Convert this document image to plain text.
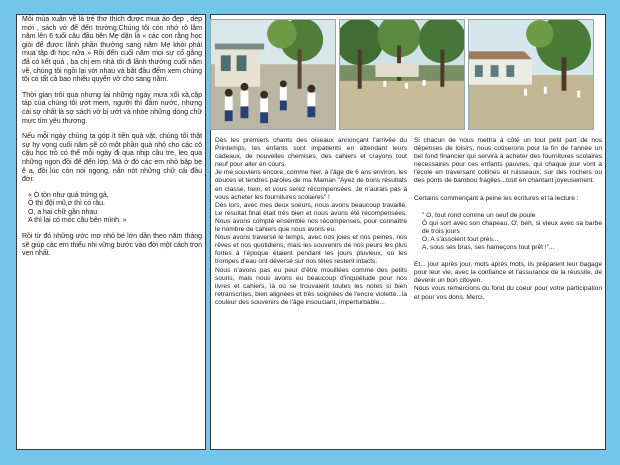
Mỗi mùa xuân về là trẻ thơ thích được mua áo đẹp , dép mới , sách vở để đến trường.Chúng tôi còn nhớ rõ lắm năm lên 6 tuổi câu đầu tiên Mẹ dặn là « các con rằng học giỏi để được lãnh phần thưởng sang năm Mẹ khỏi phải mua tập đi học nữa » Rồi đến cuối năm mọi sự cố gắng đã có kết quả , ba chị em nhà tôi đi lãnh thưởng cuối năm về, chúng tôi ngồi lại với nhau và bắt đầu đếm xem chúng tôi có tất cả bao nhiêu quyển vở cho sang năm.

Thời gian trôi qua nhưng lại những ngày mưa xối xả,cặp táp của chúng tôi ướt mem, người thì đẫm nước, nhưng cái sợ nhất là sợ sách vở bị ướt và nhòe những dòng chữ mực tím yêu thương.

Nếu mỗi ngày chúng ta góp ít tiền quà vặt, chúng tôi thật sự hy vọng cuối năm sẽ có một phần quà nhỏ cho các cô cậu học trò có thể mỗi ngày đi qua nhịp cầu tre, leo qua những ngọn đồi để đến lớp. Mà ở đó các em nhỏ bập bẹ ê a, đôi lúc còn nói ngọng, nắn nót những chữ cái đầu đời:

« Ò tòn như quả trứng gà,
Ô thì đội mũ,ơ thì có râu.
O, a hai chữ gần nhau
A thì lại có móc câu bên mình. »

Rồi từ đó những ước mơ nhỏ bé lớn dần theo năm tháng sẽ giúp các em thiểu nhi vững bước vào đời một cách trọn vẹn nhất.

Dès les premiers chants des oiseaux annonçant l'arrivée du Printemps, les enfants sont impatients en attendant leurs cadeaux, de nouvelles chemises, des cahiers et crayons tout neuf pour aller en cours.

Je me souviens encore, comme hier, à l'âge de 6 ans environ, les douces et tendres paroles de ma Maman "Ayez de bons résultats en classe, hein, et vous serez récompensées. Je n'aurais pas à vous acheter les fournitures scolaires" !

Dès lors, avec mes deux soeurs, nous avons beaucoup travaillé. Le résultat final était très bien et nous avons été récompensées. Nous avons compté ensemble nos récompenses, pour connaître le nombre de cahiers que nous avons eu.

Nous avons traversé le temps, avec nos joies et nos peines, nos rêves et nos quotidiens, mais les souvenirs de nos peurs les plus fortes à l'époque étaient pendant les jours pluvieux, où les trompes d'eau ont déversé sur nos têtes restent intacts.

Nous n'avons pas eu peur d'être mouillées comme des petits souris, mais nous avons eu beaucoup d'inquiétude pour nos livres et cahiers, là où se trouvaient toutes les notes si bien retranscrites, bien alignées et très soignées de l'encre violette...la couleur des souvenirs de l'âge insouciant, imperturbable...

Si chacun de nous mettra à côté un tout petit part de nos dépenses de loisirs, nous cotiserons pour la fin de l'année un bel fond financier qui servira à acheter des fournitures scolaires nécessaires pour ces enfants pauvres, qui chaque jour vont à l'école en traversant collines et ruisseaux, sur des rochers ou des ponts de bambou fragiles...tout en chantant joyeusement.

Certains commençant à peine les écritures et la lecture :

" O, tout rond comme un oeuf de poule
Ô qui sort avec son chapeau, Ơ, beh, si vieux avec sa barbe de trois jours
O, A s'assoient tout près...
A, sous ses bras, ses hameçons tout prêt !"...

Et... jour après jour, mots après mots, ils préparent leur bagage pour leur vie, avec la confiance et l'assurance de la réussite, de devenir un bon citoyen.

Nous vous remercions du fond du coeur pour votre participation et pour vos dons. Merci.
